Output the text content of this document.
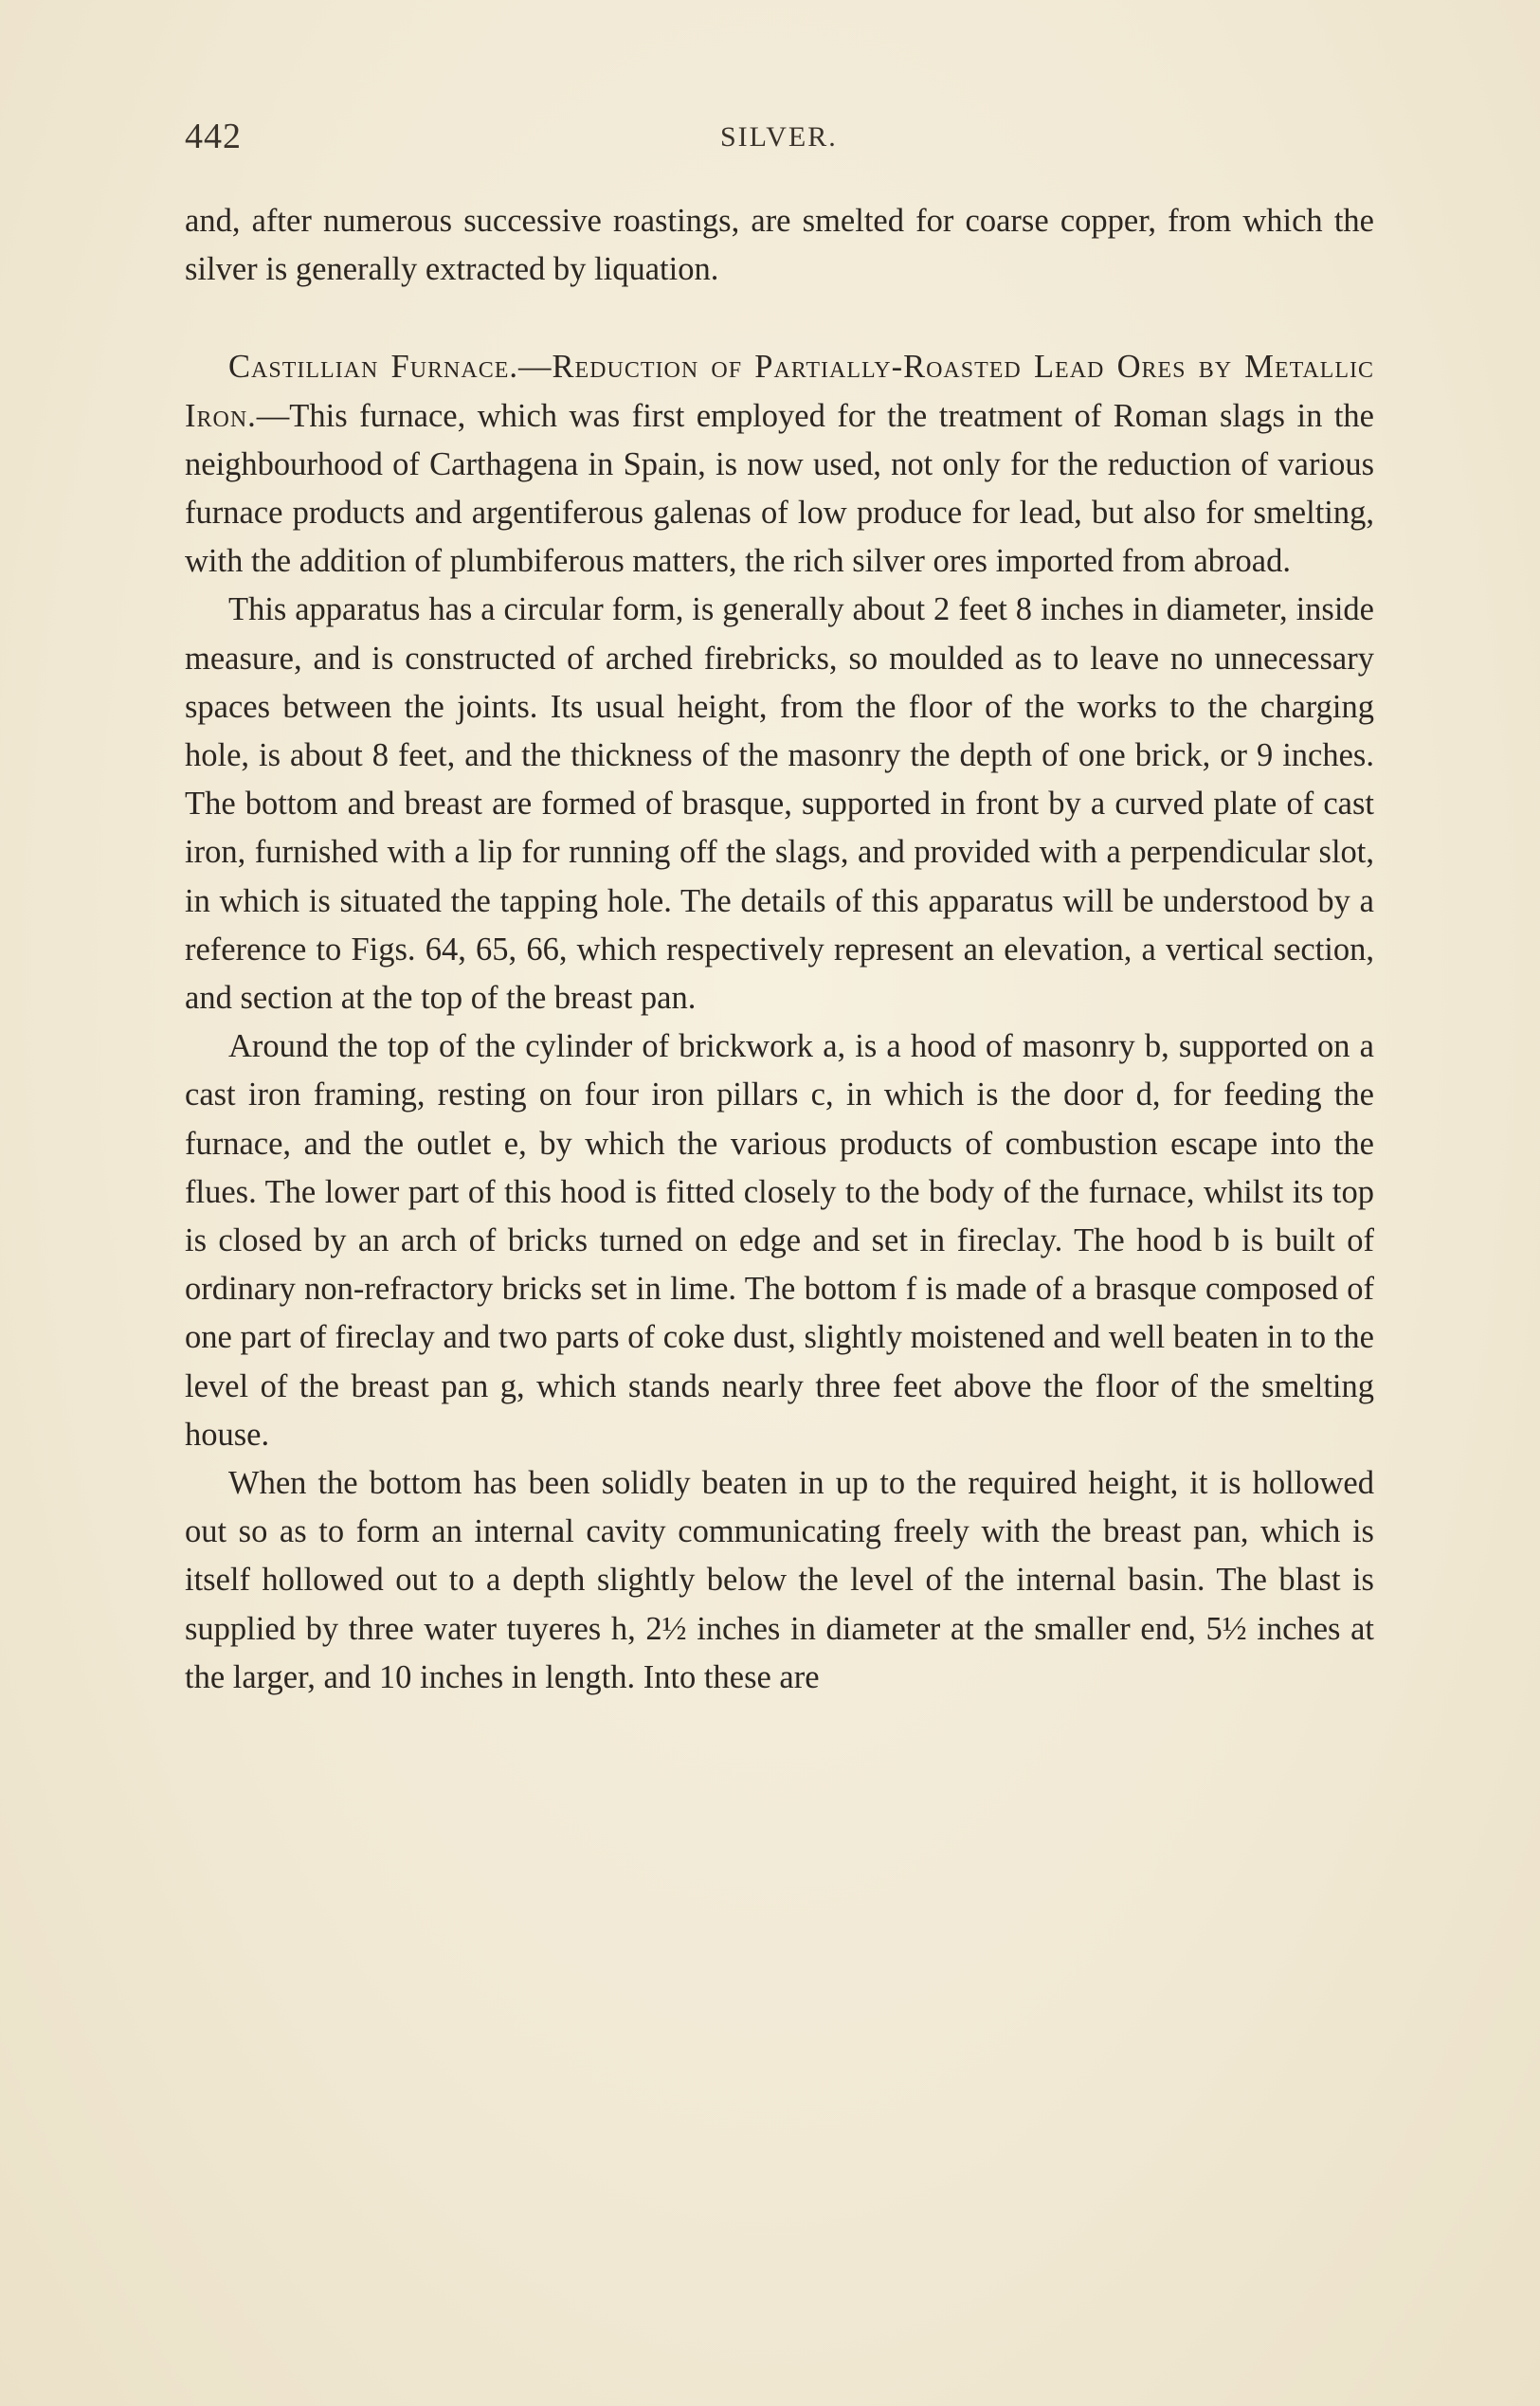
442	SILVER.

and, after numerous successive roastings, are smelted for coarse copper, from which the silver is generally extracted by liquation.

Castillian Furnace.—Reduction of Partially-Roasted Lead Ores by Metallic Iron.—This furnace, which was first employed for the treatment of Roman slags in the neighbourhood of Carthagena in Spain, is now used, not only for the reduction of various furnace products and argentiferous galenas of low produce for lead, but also for smelting, with the addition of plumbiferous matters, the rich silver ores imported from abroad.

This apparatus has a circular form, is generally about 2 feet 8 inches in diameter, inside measure, and is constructed of arched firebricks, so moulded as to leave no unnecessary spaces between the joints. Its usual height, from the floor of the works to the charging hole, is about 8 feet, and the thickness of the masonry the depth of one brick, or 9 inches. The bottom and breast are formed of brasque, supported in front by a curved plate of cast iron, furnished with a lip for running off the slags, and provided with a perpendicular slot, in which is situated the tapping hole. The details of this apparatus will be understood by a reference to Figs. 64, 65, 66, which respectively represent an elevation, a vertical section, and section at the top of the breast pan.

Around the top of the cylinder of brickwork a, is a hood of masonry b, supported on a cast iron framing, resting on four iron pillars c, in which is the door d, for feeding the furnace, and the outlet e, by which the various products of combustion escape into the flues. The lower part of this hood is fitted closely to the body of the furnace, whilst its top is closed by an arch of bricks turned on edge and set in fireclay. The hood b is built of ordinary non-refractory bricks set in lime. The bottom f is made of a brasque composed of one part of fireclay and two parts of coke dust, slightly moistened and well beaten in to the level of the breast pan g, which stands nearly three feet above the floor of the smelting house.

When the bottom has been solidly beaten in up to the required height, it is hollowed out so as to form an internal cavity communicating freely with the breast pan, which is itself hollowed out to a depth slightly below the level of the internal basin. The blast is supplied by three water tuyeres h, 2½ inches in diameter at the smaller end, 5½ inches at the larger, and 10 inches in length. Into these are
